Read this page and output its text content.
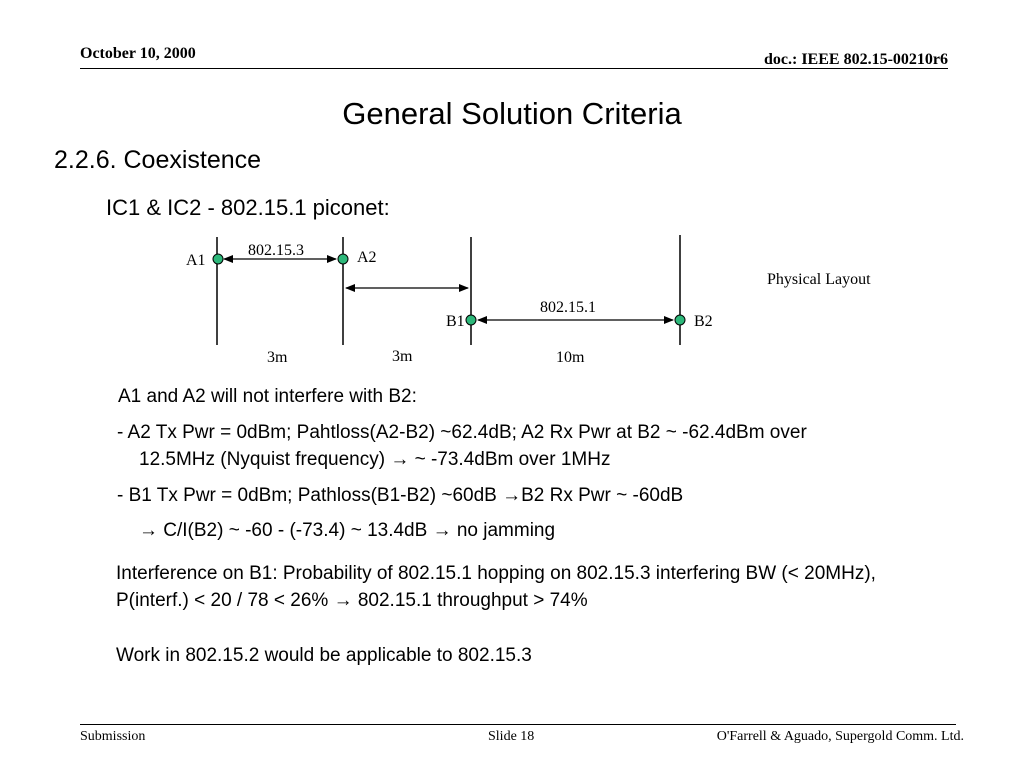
October 10, 2000	doc.: IEEE 802.15-00210r6
General Solution Criteria
2.2.6. Coexistence
IC1 & IC2 - 802.15.1 piconet:
A1	A2
B1	B2
802.15.3
802.15.1
3m	3m	10m
Physical Layout
A1 and A2 will not interfere with B2:
- A2 Tx Pwr = 0dBm; Pahtloss(A2-B2) ~62.4dB; A2 Rx Pwr at B2 ~ -62.4dBm over
12.5MHz (Nyquist frequency) → ~ -73.4dBm over 1MHz
- B1 Tx Pwr = 0dBm; Pathloss(B1-B2) ~60dB →B2 Rx Pwr ~ -60dB
→ C/I(B2) ~ -60 - (-73.4) ~ 13.4dB → no jamming
Interference on B1: Probability of 802.15.1 hopping on 802.15.3 interfering BW (< 20MHz),
P(interf.) < 20 / 78 < 26% → 802.15.1 throughput > 74%
Work in 802.15.2 would be applicable to 802.15.3
Submission	Slide 18	O'Farrell & Aguado, Supergold Comm. Ltd.
